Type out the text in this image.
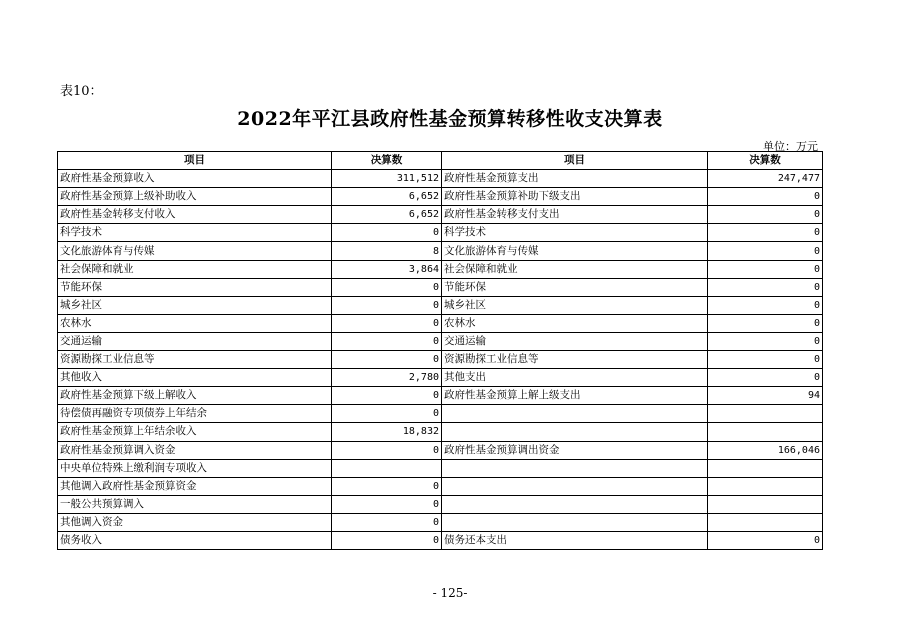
表10：
2022年平江县政府性基金预算转移性收支决算表
单位：万元
项目	决算数	项目	决算数
政府性基金预算收入	311,512	政府性基金预算支出	247,477
政府性基金预算上级补助收入	6,652	政府性基金预算补助下级支出	0
政府性基金转移支付收入	6,652	政府性基金转移支付支出	0
科学技术	0	科学技术	0
文化旅游体育与传媒	8	文化旅游体育与传媒	0
社会保障和就业	3,864	社会保障和就业	0
节能环保	0	节能环保	0
城乡社区	0	城乡社区	0
农林水	0	农林水	0
交通运输	0	交通运输	0
资源勘探工业信息等	0	资源勘探工业信息等	0
其他收入	2,780	其他支出	0
政府性基金预算下级上解收入	0	政府性基金预算上解上级支出	94
待偿债再融资专项债券上年结余	0		
政府性基金预算上年结余收入	18,832		
政府性基金预算调入资金	0	政府性基金预算调出资金	166,046
中央单位特殊上缴利润专项收入			
其他调入政府性基金预算资金	0		
一般公共预算调入	0		
其他调入资金	0		
债务收入	0	债务还本支出	0
- 125-
